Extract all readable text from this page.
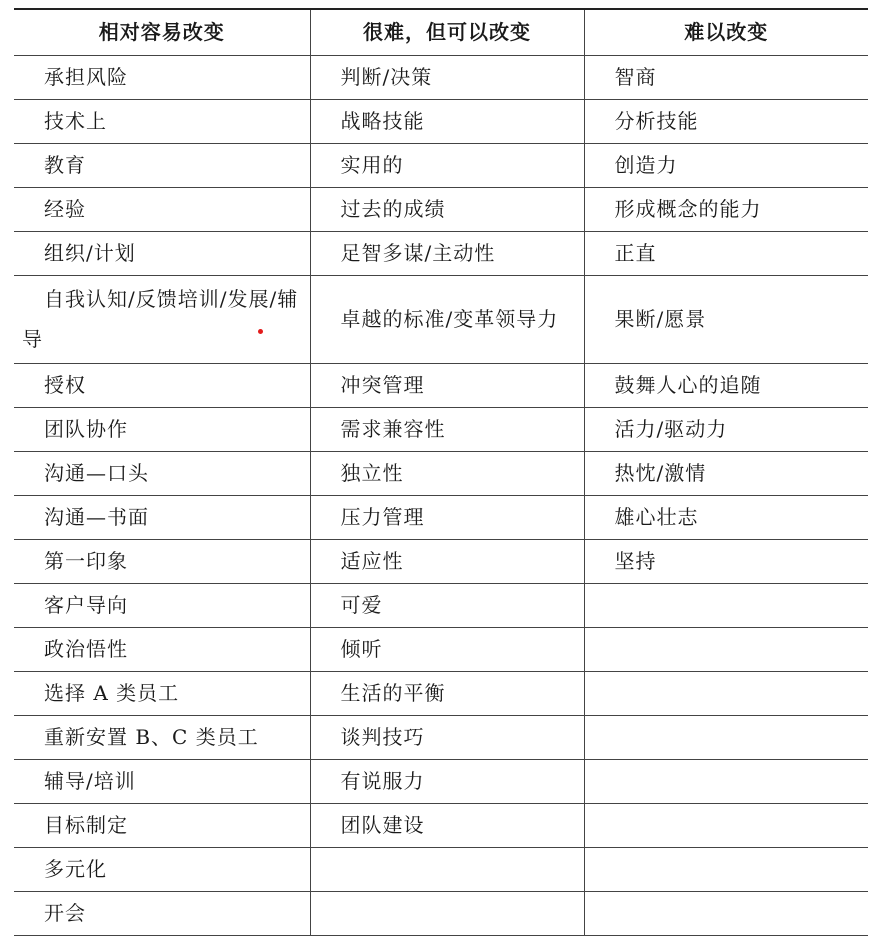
相对容易改变	很难，但可以改变	难以改变
承担风险	判断/决策	智商
技术上	战略技能	分析技能
教育	实用的	创造力
经验	过去的成绩	形成概念的能力
组织/计划	足智多谋/主动性	正直
自我认知/反馈培训/发展/辅导	卓越的标准/变革领导力	果断/愿景
授权	冲突管理	鼓舞人心的追随
团队协作	需求兼容性	活力/驱动力
沟通—口头	独立性	热忱/激情
沟通—书面	压力管理	雄心壮志
第一印象	适应性	坚持
客户导向	可爱	
政治悟性	倾听	
选择 A 类员工	生活的平衡	
重新安置 B、C 类员工	谈判技巧	
辅导/培训	有说服力	
目标制定	团队建设	
多元化		
开会		
